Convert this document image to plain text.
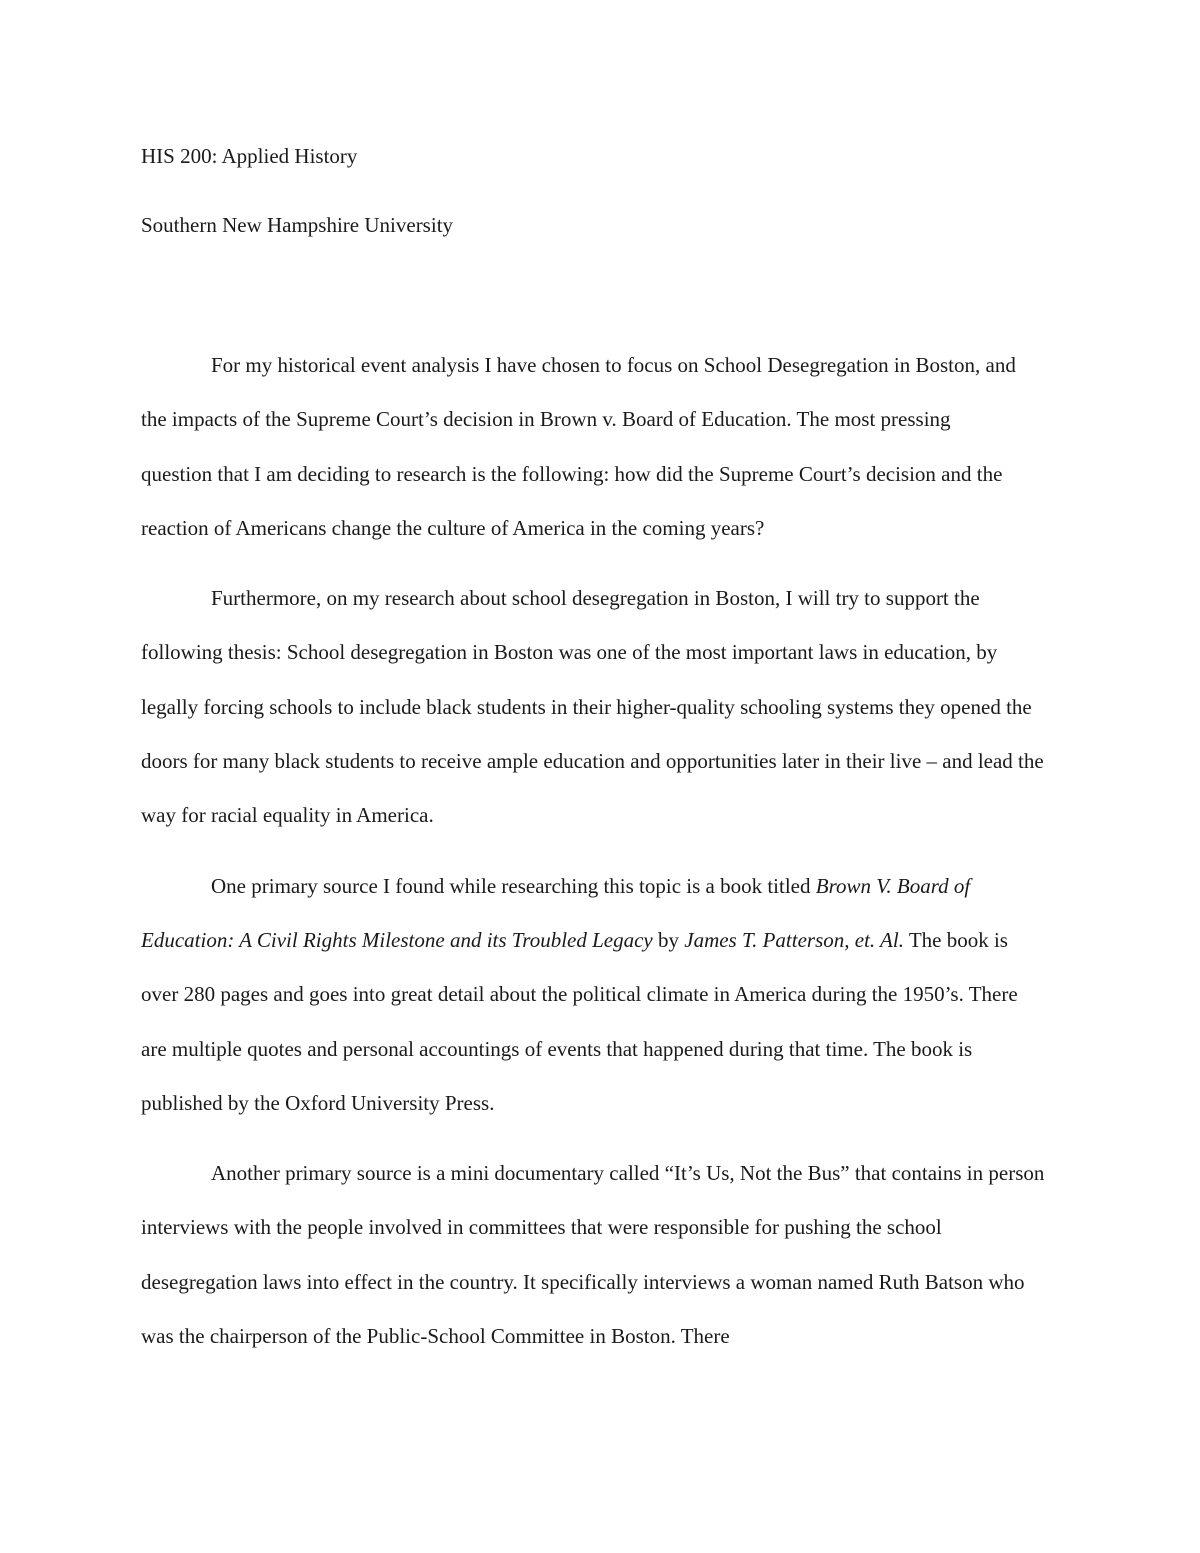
HIS 200: Applied History

Southern New Hampshire University

For my historical event analysis I have chosen to focus on School Desegregation in Boston, and the impacts of the Supreme Court’s decision in Brown v. Board of Education. The most pressing question that I am deciding to research is the following: how did the Supreme Court’s decision and the reaction of Americans change the culture of America in the coming years?

Furthermore, on my research about school desegregation in Boston, I will try to support the following thesis: School desegregation in Boston was one of the most important laws in education, by legally forcing schools to include black students in their higher-quality schooling systems they opened the doors for many black students to receive ample education and opportunities later in their live – and lead the way for racial equality in America.

One primary source I found while researching this topic is a book titled Brown V. Board of Education: A Civil Rights Milestone and its Troubled Legacy by James T. Patterson, et. Al. The book is over 280 pages and goes into great detail about the political climate in America during the 1950’s. There are multiple quotes and personal accountings of events that happened during that time. The book is published by the Oxford University Press.

Another primary source is a mini documentary called “It’s Us, Not the Bus” that contains in person interviews with the people involved in committees that were responsible for pushing the school desegregation laws into effect in the country. It specifically interviews a woman named Ruth Batson who was the chairperson of the Public-School Committee in Boston. There
